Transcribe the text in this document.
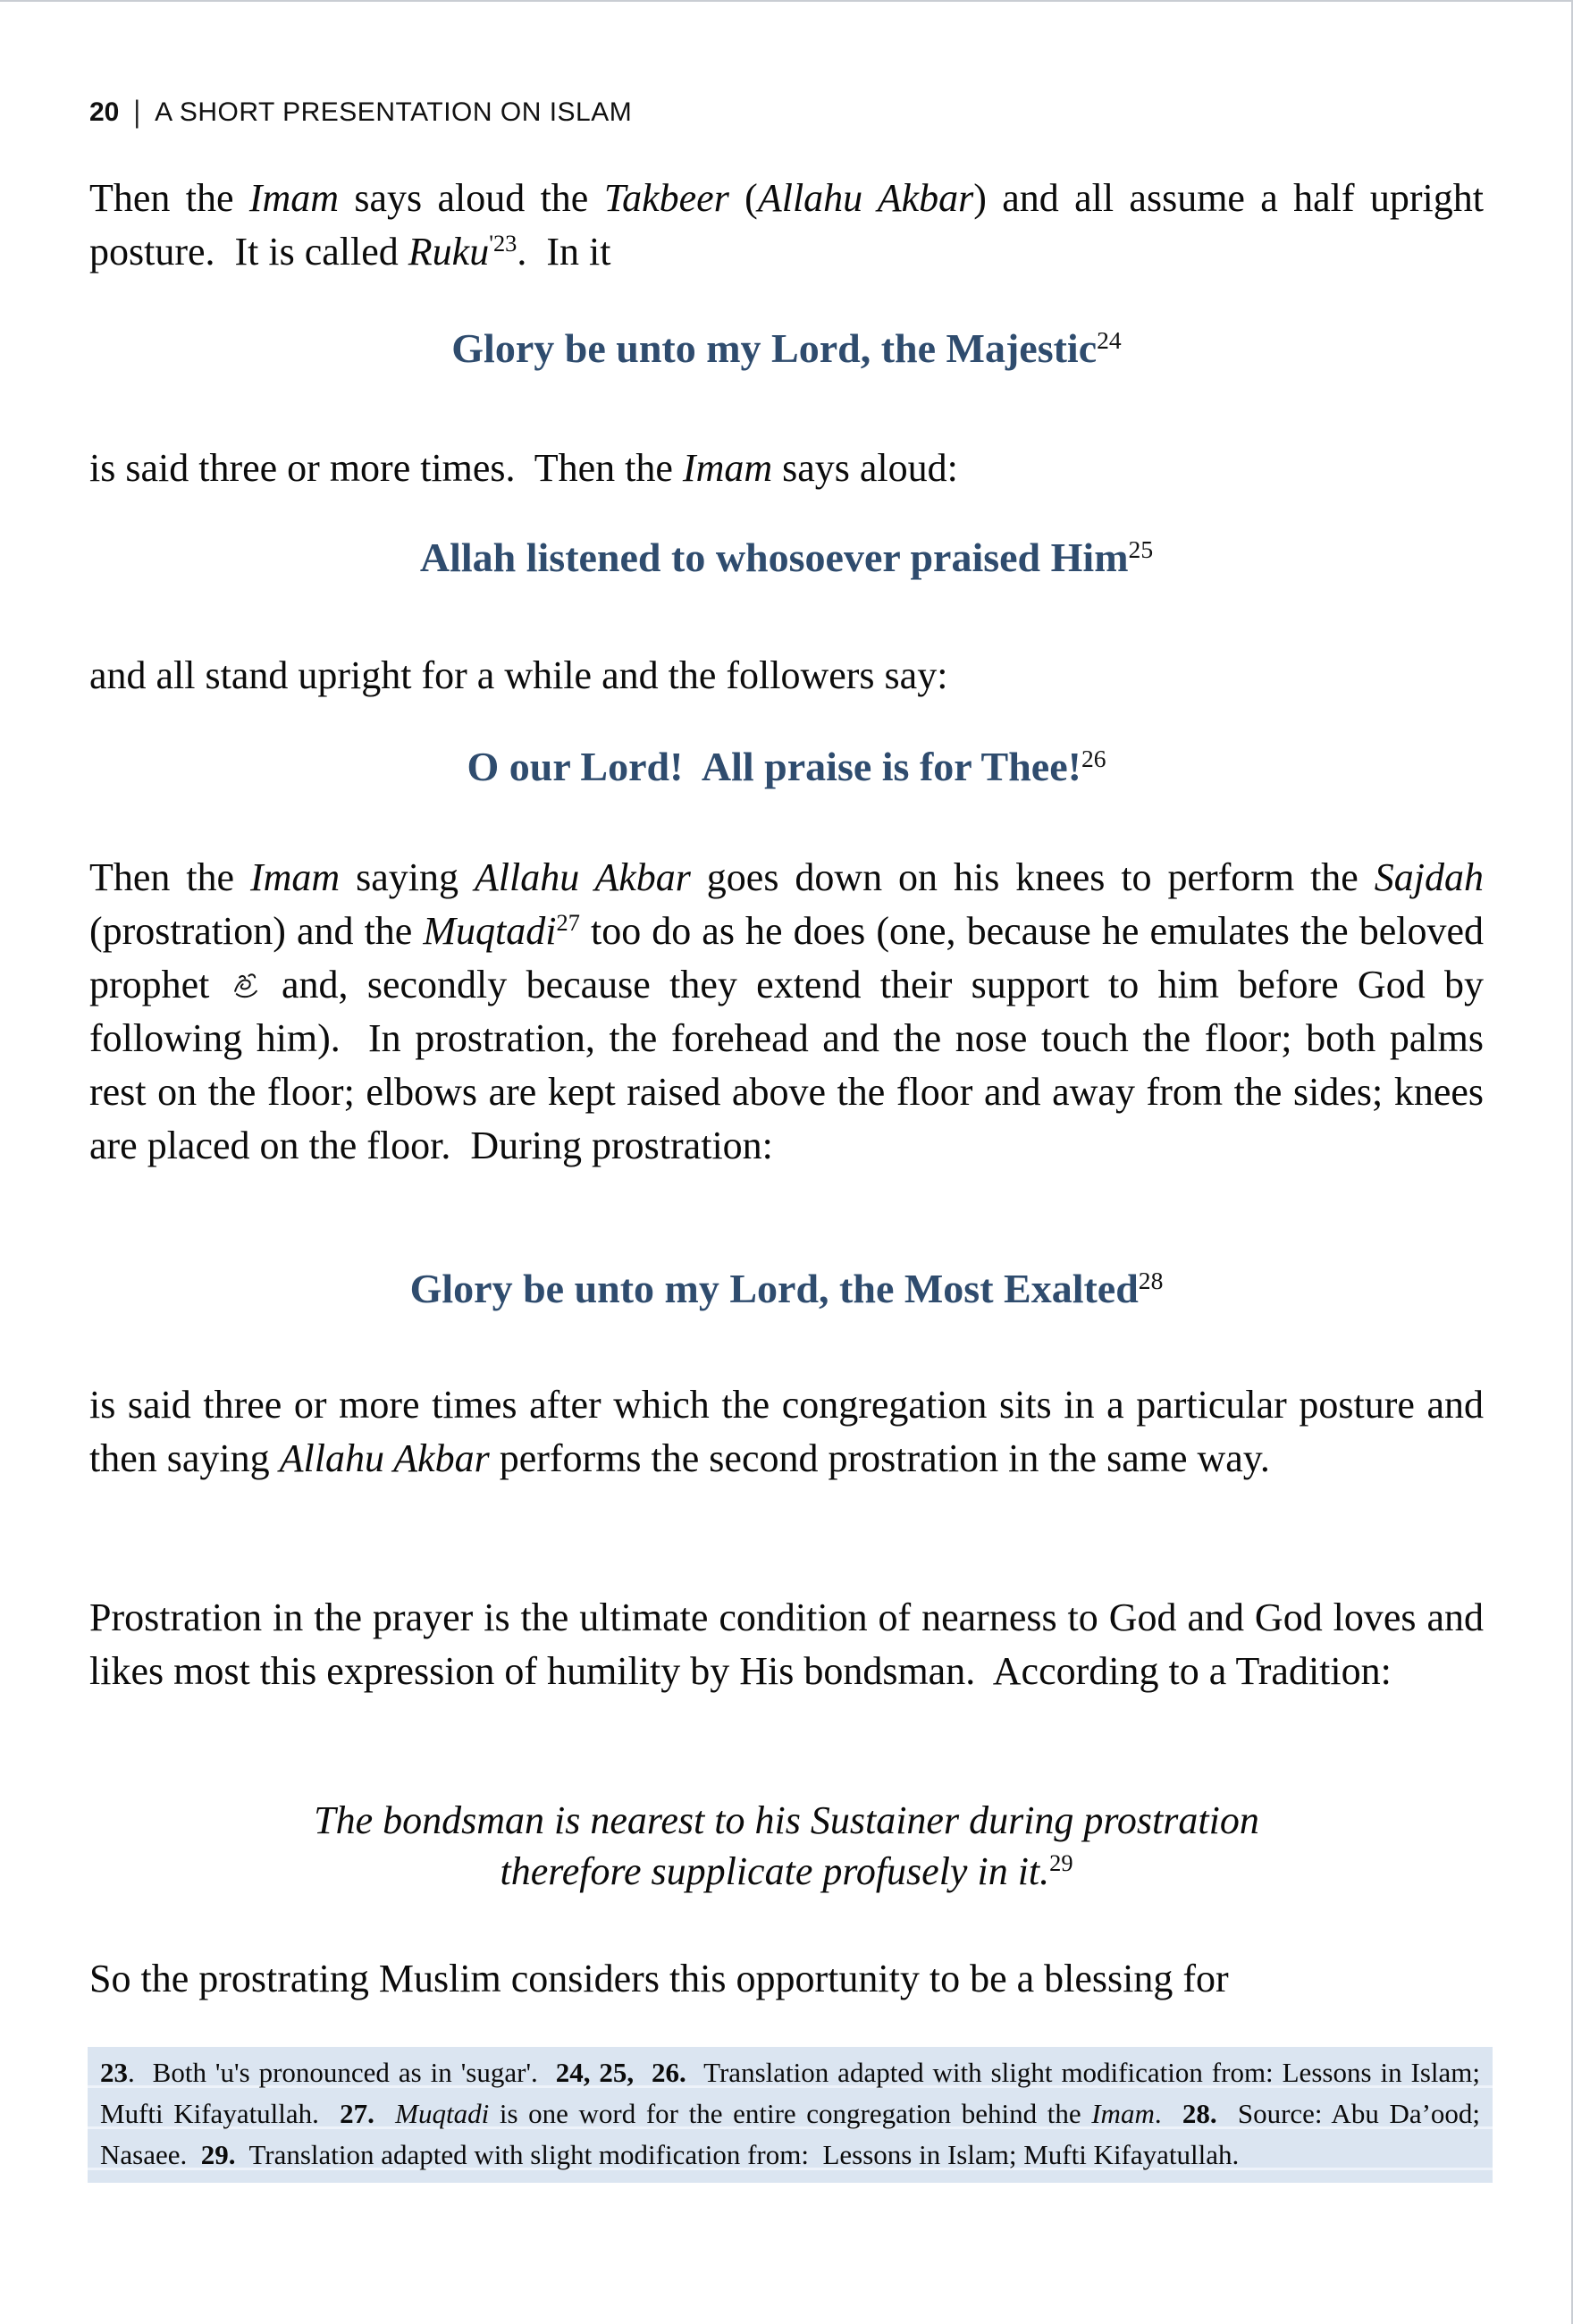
20 | A SHORT PRESENTATION ON ISLAM

Then the Imam says aloud the Takbeer (Allahu Akbar) and all assume a half upright posture.  It is called Ruku$^{'23}$.  In it

Glory be unto my Lord, the Majestic$^{24}$

is said three or more times.  Then the Imam says aloud:

Allah listened to whosoever praised Him$^{25}$

and all stand upright for a while and the followers say:

O our Lord!  All praise is for Thee!$^{26}$

Then the Imam saying Allahu Akbar goes down on his knees to perform the Sajdah (prostration) and the Muqtadi$^{27}$ too do as he does (one, because he emulates the beloved prophet  and, secondly because they extend their support to him before God by following him).  In prostration, the forehead and the nose touch the floor; both palms rest on the floor; elbows are kept raised above the floor and away from the sides; knees are placed on the floor.  During prostration:

Glory be unto my Lord, the Most Exalted$^{28}$

is said three or more times after which the congregation sits in a particular posture and then saying Allahu Akbar performs the second prostration in the same way.

Prostration in the prayer is the ultimate condition of nearness to God and God loves and likes most this expression of humility by His bondsman.  According to a Tradition:

The bondsman is nearest to his Sustainer during prostration
therefore supplicate profusely in it.$^{29}$

So the prostrating Muslim considers this opportunity to be a blessing for

23.  Both 'u's pronounced as in 'sugar'.  24, 25,  26.  Translation adapted with slight modification from: Lessons in Islam; Mufti Kifayatullah.  27. Muqtadi is one word for the entire congregation behind the Imam.  28.  Source: Abu Da’ood; Nasaee.  29.  Translation adapted with slight modification from:  Lessons in Islam; Mufti Kifayatullah.
